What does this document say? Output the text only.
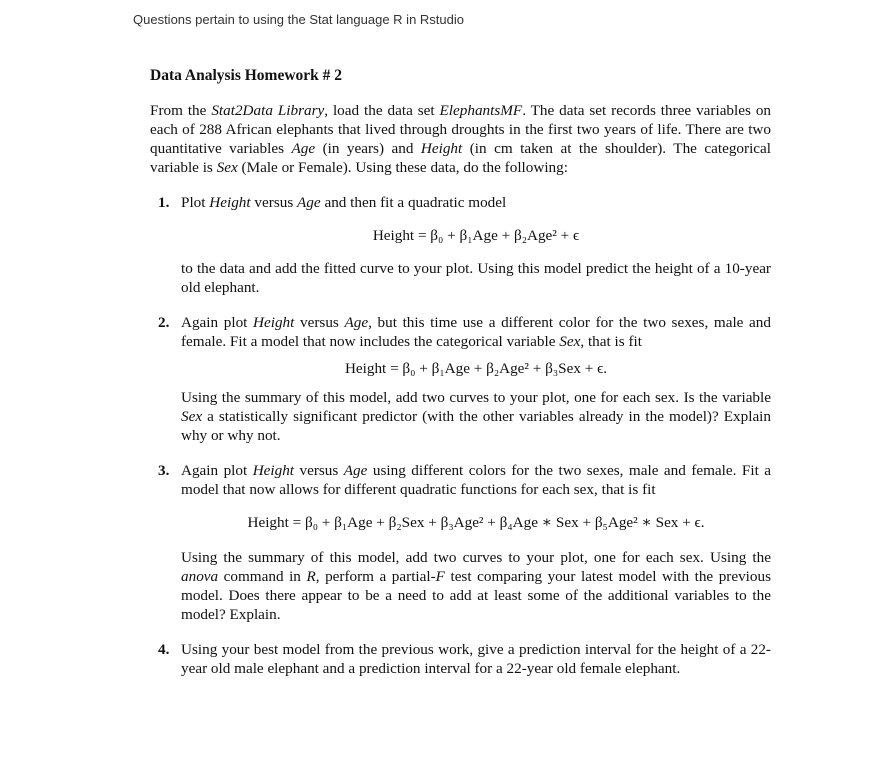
Questions pertain to using the Stat language R in Rstudio
Data Analysis Homework # 2

From the Stat2Data Library, load the data set ElephantsMF. The data set records three variables on each of 288 African elephants that lived through droughts in the first two years of life. There are two quantitative variables Age (in years) and Height (in cm taken at the shoulder). The categorical variable is Sex (Male or Female). Using these data, do the following:

1. Plot Height versus Age and then fit a quadratic model

Height = β₀ + β₁Age + β₂Age² + ϵ

to the data and add the fitted curve to your plot. Using this model predict the height of a 10-year old elephant.

2. Again plot Height versus Age, but this time use a different color for the two sexes, male and female. Fit a model that now includes the categorical variable Sex, that is fit

Height = β₀ + β₁Age + β₂Age² + β₃Sex + ϵ.

Using the summary of this model, add two curves to your plot, one for each sex. Is the variable Sex a statistically significant predictor (with the other variables already in the model)? Explain why or why not.

3. Again plot Height versus Age using different colors for the two sexes, male and female. Fit a model that now allows for different quadratic functions for each sex, that is fit

Height = β₀ + β₁Age + β₂Sex + β₃Age² + β₄Age ∗ Sex + β₅Age² ∗ Sex + ϵ.

Using the summary of this model, add two curves to your plot, one for each sex. Using the anova command in R, perform a partial-F test comparing your latest model with the previous model. Does there appear to be a need to add at least some of the additional variables to the model? Explain.

4. Using your best model from the previous work, give a prediction interval for the height of a 22-year old male elephant and a prediction interval for a 22-year old female elephant.
